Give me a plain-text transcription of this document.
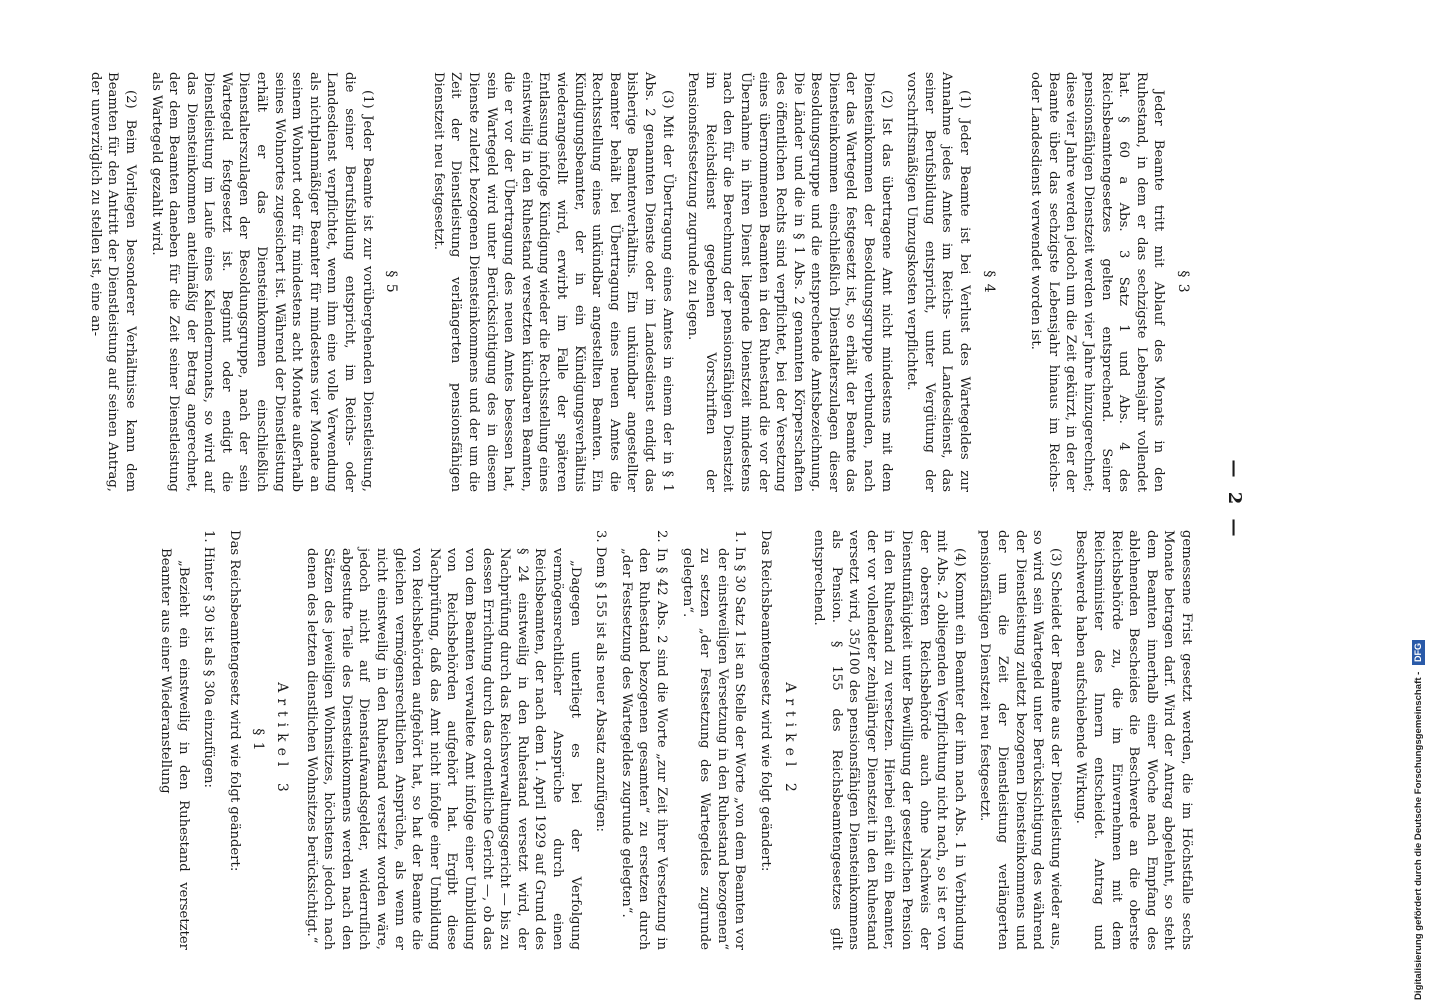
— 2 —
§ 3

Jeder Beamte tritt mit Ablauf des Monats in den Ruhestand, in dem er das sechzigste Lebensjahr vollendet hat. § 60 a Abs. 3 Satz 1 und Abs. 4 des Reichsbeamtengesetzes gelten entsprechend. Seiner pensionsfähigen Dienstzeit werden vier Jahre hinzugerechnet; diese vier Jahre werden jedoch um die Zeit gekürzt, in der der Beamte über das sechzigste Lebensjahr hinaus im Reichs- oder Landesdienst verwendet worden ist.

§ 4

(1) Jeder Beamte ist bei Verlust des Wartegeldes zur Annahme jedes Amtes im Reichs- und Landesdienst, das seiner Berufsbildung entspricht, unter Vergütung der vorschriftsmäßigen Umzugskosten verpflichtet.

(2) Ist das übertragene Amt nicht mindestens mit dem Diensteinkommen der Besoldungsgruppe verbunden, nach der das Wartegeld festgesetzt ist, so erhält der Beamte das Diensteinkommen einschließlich Dienstalterszulagen dieser Besoldungsgruppe und die entsprechende Amtsbezeichnung. Die Länder und die in § 1 Abs. 2 genannten Körperschaften des öffentlichen Rechts sind verpflichtet, bei der Versetzung eines übernommenen Beamten in den Ruhestand die vor der Übernahme in ihren Dienst liegende Dienstzeit mindestens nach den für die Berechnung der pensionsfähigen Dienstzeit im Reichsdienst gegebenen Vorschriften der Pensionsfestsetzung zugrunde zu legen.

(3) Mit der Übertragung eines Amtes in einem der in § 1 Abs. 2 genannten Dienste oder im Landesdienst endigt das bisherige Beamtenverhältnis. Ein unkündbar angestellter Beamter behält bei Übertragung eines neuen Amtes die Rechtsstellung eines unkündbar angestellten Beamten. Ein Kündigungsbeamter, der in ein Kündigungsverhältnis wiederangestellt wird, erwirbt im Falle der späteren Entlassung infolge Kündigung wieder die Rechtsstellung eines einstweilig in den Ruhestand versetzten kündbaren Beamten, die er vor der Übertragung des neuen Amtes besessen hat, sein Wartegeld wird unter Berücksichtigung des in diesem Dienste zuletzt bezogenen Diensteinkommens und der um die Zeit der Dienstleistung verlängerten pensionsfähigen Dienstzeit neu festgesetzt.

§ 5

(1) Jeder Beamte ist zur vorübergehenden Dienstleistung, die seiner Berufsbildung entspricht, im Reichs- oder Landesdienst verpflichtet, wenn ihm eine volle Verwendung als nichtplanmäßiger Beamter für mindestens vier Monate an seinem Wohnort oder für mindestens acht Monate außerhalb seines Wohnortes zugesichert ist. Während der Dienstleistung erhält er das Diensteinkommen einschließlich Dienstalterszulagen der Besoldungsgruppe, nach der sein Wartegeld festgesetzt ist. Beginnt oder endigt die Dienstleistung im Laufe eines Kalendermonats, so wird auf das Diensteinkommen anteilmäßig der Betrag angerechnet, der dem Beamten daneben für die Zeit seiner Dienstleistung als Wartegeld gezahlt wird.

(2) Beim Vorliegen besonderer Verhältnisse kann dem Beamten für den Antritt der Dienstleistung auf seinen Antrag, der unverzüglich zu stellen ist, eine an-

gemessene Frist gesetzt werden, die im Höchstfalle sechs Monate betragen darf. Wird der Antrag abgelehnt, so steht dem Beamten innerhalb einer Woche nach Empfang des ablehnenden Bescheides die Beschwerde an die oberste Reichsbehörde zu, die im Einvernehmen mit dem Reichsminister des Innern entscheidet. Antrag und Beschwerde haben aufschiebende Wirkung.

(3) Scheidet der Beamte aus der Dienstleistung wieder aus, so wird sein Wartegeld unter Berücksichtigung des während der Dienstleistung zuletzt bezogenen Diensteinkommens und der um die Zeit der Dienstleistung verlängerten pensionsfähigen Dienstzeit neu festgesetzt.

(4) Kommt ein Beamter der ihm nach Abs. 1 in Verbindung mit Abs. 2 obliegenden Verpflichtung nicht nach, so ist er von der obersten Reichsbehörde auch ohne Nachweis der Dienstunfähigkeit unter Bewilligung der gesetzlichen Pension in den Ruhestand zu versetzen. Hierbei erhält ein Beamter, der vor vollendeter zehnjähriger Dienstzeit in den Ruhestand versetzt wird, 35/100 des pensionsfähigen Diensteinkommens als Pension. § 155 des Reichsbeamtengesetzes gilt entsprechend.

Artikel 2

Das Reichsbeamtengesetz wird wie folgt geändert:

1. In § 30 Satz 1 ist an Stelle der Worte „von dem Beamten vor der einstweiligen Versetzung in den Ruhestand bezogenen“ zu setzen „der Festsetzung des Wartegeldes zugrunde gelegten“.

2. In § 42 Abs. 2 sind die Worte „zur Zeit ihrer Versetzung in den Ruhestand bezogenen gesamten“ zu ersetzen durch „der Festsetzung des Wartegeldes zugrunde gelegten“.

3. Dem § 155 ist als neuer Absatz anzufügen:

„Dagegen unterliegt es bei der Verfolgung vermögensrechtlicher Ansprüche durch einen Reichsbeamten, der nach dem 1. April 1929 auf Grund des § 24 einstweilig in den Ruhestand versetzt wird, der Nachprüfung durch das Reichsverwaltungsgericht — bis zu dessen Errichtung durch das ordentliche Gericht —, ob das von dem Beamten verwaltete Amt infolge einer Umbildung von Reichsbehörden aufgehört hat. Ergibt diese Nachprüfung, daß das Amt nicht infolge einer Umbildung von Reichsbehörden aufgehört hat, so hat der Beamte die gleichen vermögensrechtlichen Ansprüche, als wenn er nicht einstweilig in den Ruhestand versetzt worden wäre, jedoch nicht auf Dienstaufwandsgelder, widerruflich abgestufte Teile des Diensteinkommens werden nach den Sätzen des jeweiligen Wohnsitzes, höchstens jedoch nach denen des letzten dienstlichen Wohnsitzes berücksichtigt.“

Artikel 3
§ 1

Das Reichsbeamtengesetz wird wie folgt geändert:

1. Hinter § 30 ist als § 30a einzufügen:

„Bezieht ein einstweilig in den Ruhestand versetzter Beamter aus einer Wiederanstellung

Digitalisierung gefördert durch die Deutsche Forschungsgemeinschaft - DFG
